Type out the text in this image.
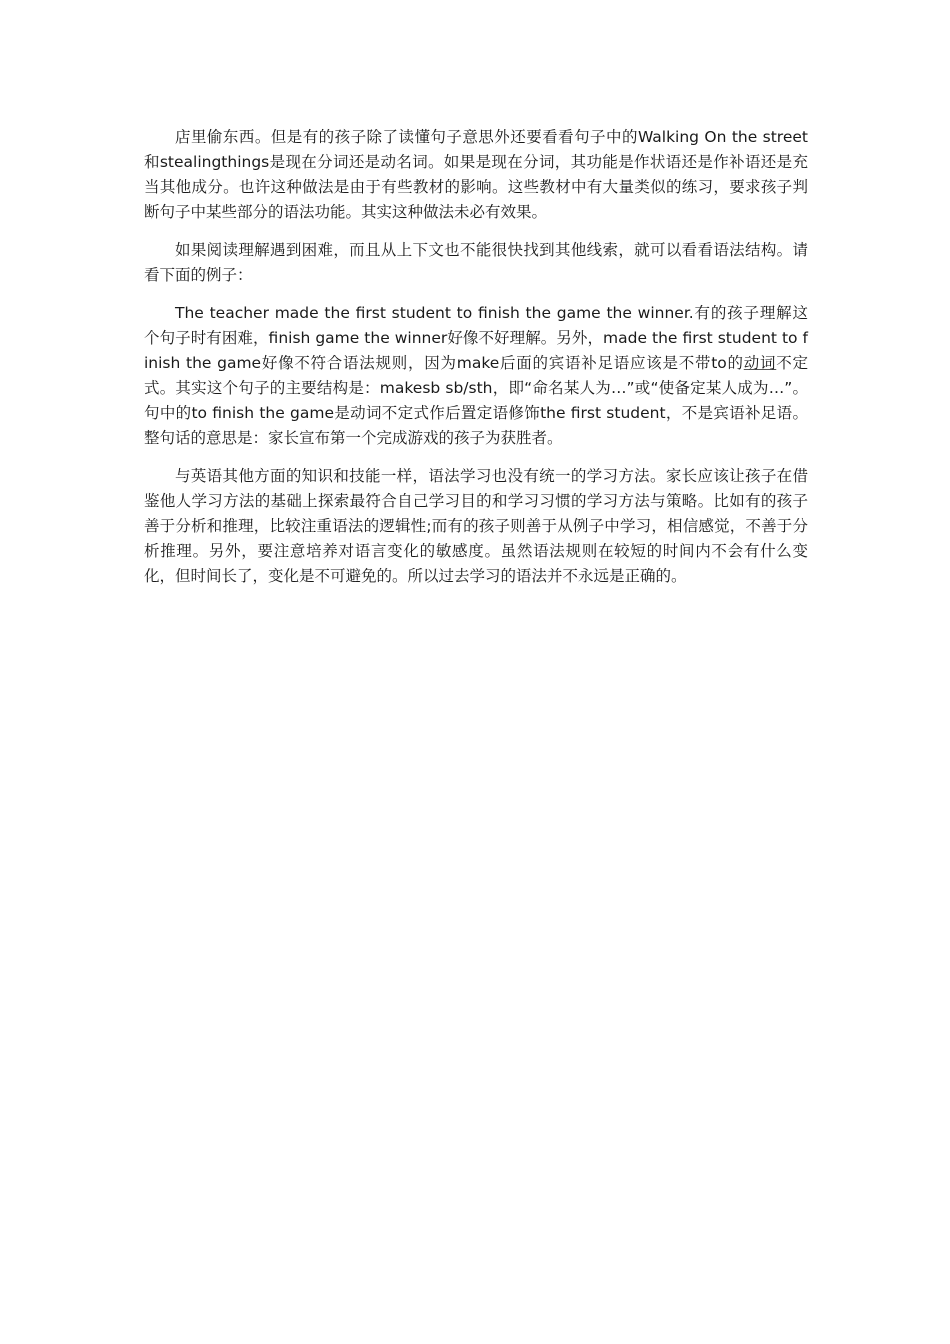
店里偷东西。但是有的孩子除了读懂句子意思外还要看看句子中的Walking On the street和stealingthings是现在分词还是动名词。如果是现在分词，其功能是作状语还是作补语还是充当其他成分。也许这种做法是由于有些教材的影响。这些教材中有大量类似的练习，要求孩子判断句子中某些部分的语法功能。其实这种做法未必有效果。

如果阅读理解遇到困难，而且从上下文也不能很快找到其他线索，就可以看看语法结构。请看下面的例子：

The teacher made the first student to finish the game the winner.有的孩子理解这个句子时有困难，finish game the winner好像不好理解。另外，made the first student to finish the game好像不符合语法规则，因为make后面的宾语补足语应该是不带to的动词不定式。其实这个句子的主要结构是：makesb sb/sth，即“命名某人为…”或“使备定某人成为…”。句中的to finish the game是动词不定式作后置定语修饰the first student，不是宾语补足语。整句话的意思是：家长宣布第一个完成游戏的孩子为获胜者。

与英语其他方面的知识和技能一样，语法学习也没有统一的学习方法。家长应该让孩子在借鉴他人学习方法的基础上探索最符合自己学习目的和学习习惯的学习方法与策略。比如有的孩子善于分析和推理，比较注重语法的逻辑性;而有的孩子则善于从例子中学习，相信感觉，不善于分析推理。另外，要注意培养对语言变化的敏感度。虽然语法规则在较短的时间内不会有什么变化，但时间长了，变化是不可避免的。所以过去学习的语法并不永远是正确的。
